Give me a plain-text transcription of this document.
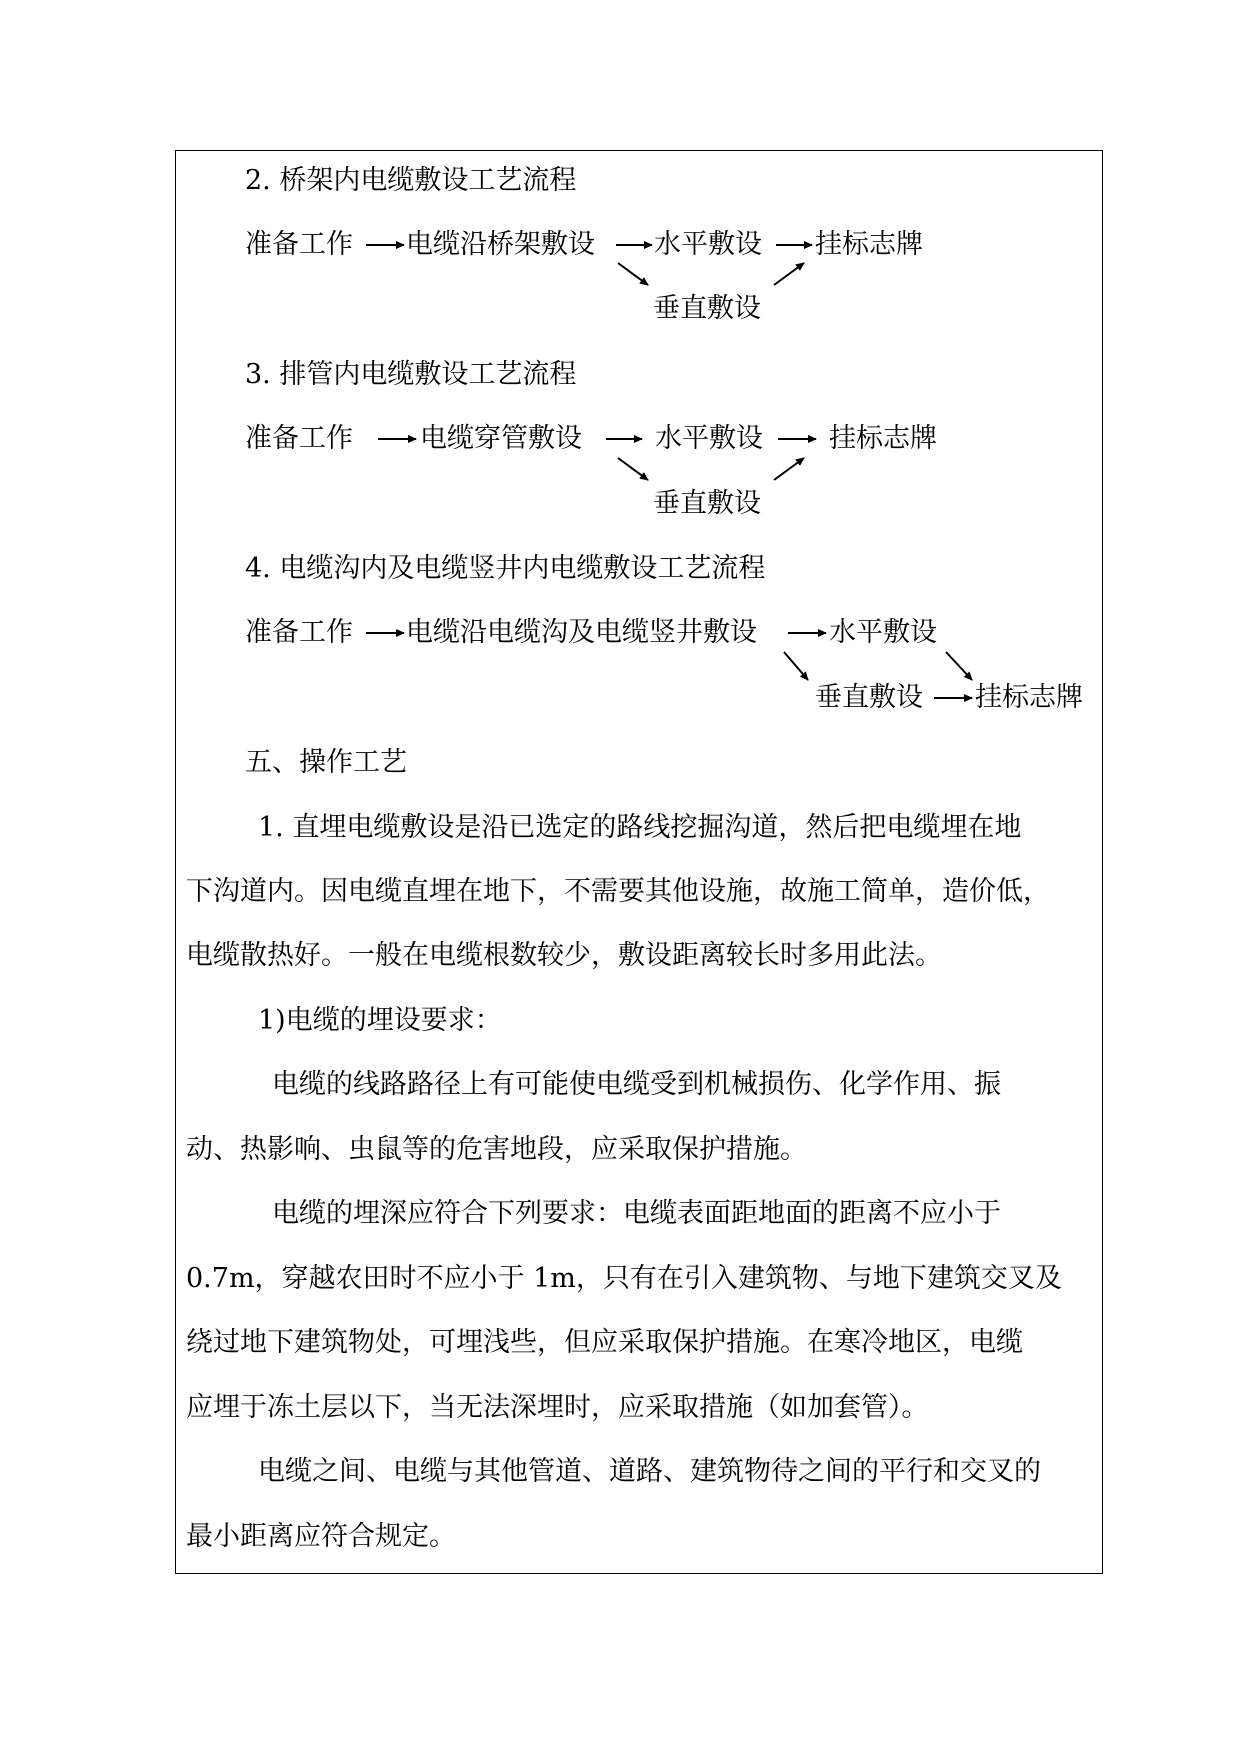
2. 桥架内电缆敷设工艺流程
准备工作 电缆沿桥架敷设 水平敷设 挂标志牌
垂直敷设
3. 排管内电缆敷设工艺流程
准备工作 电缆穿管敷设	水平敷设 挂标志牌
垂直敷设
4. 电缆沟内及电缆竖井内电缆敷设工艺流程
准备工作 电缆沿电缆沟及电缆竖井敷设	水平敷设
垂直敷设 挂标志牌
五、操作工艺
1. 直埋电缆敷设是沿已选定的路线挖掘沟道，然后把电缆埋在地
下沟道内。因电缆直埋在地下，不需要其他设施，故施工简单，造价低，
电缆散热好。一般在电缆根数较少，敷设距离较长时多用此法。
1)电缆的埋设要求：
电缆的线路路径上有可能使电缆受到机械损伤、化学作用、振
动、热影响、虫鼠等的危害地段，应采取保护措施。
电缆的埋深应符合下列要求：电缆表面距地面的距离不应小于
0.7m，穿越农田时不应小于 1m，只有在引入建筑物、与地下建筑交叉及
绕过地下建筑物处，可埋浅些，但应采取保护措施。在寒冷地区，电缆
应埋于冻土层以下，当无法深埋时，应采取措施（如加套管）。
电缆之间、电缆与其他管道、道路、建筑物待之间的平行和交叉的
最小距离应符合规定。
